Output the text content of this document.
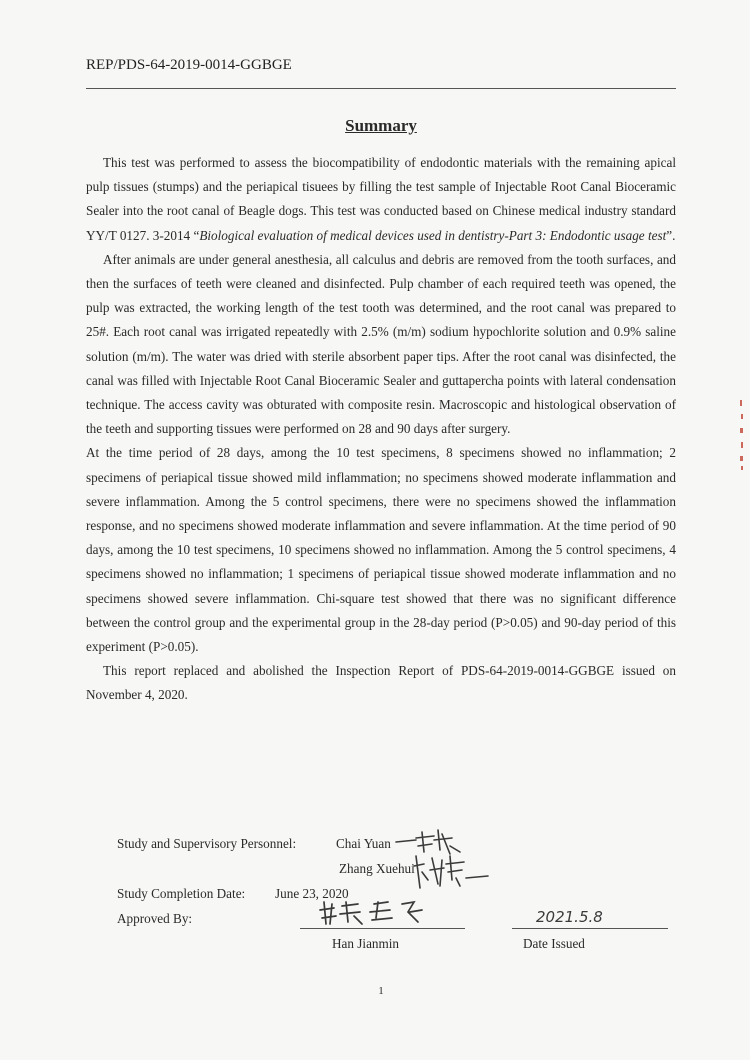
REP/PDS-64-2019-0014-GGBGE
Summary

This test was performed to assess the biocompatibility of endodontic materials with the remaining apical pulp tissues (stumps) and the periapical tisuees by filling the test sample of Injectable Root Canal Bioceramic Sealer into the root canal of Beagle dogs. This test was conducted based on Chinese medical industry standard YY/T 0127. 3-2014 “Biological evaluation of medical devices used in dentistry-Part 3: Endodontic usage test”.

After animals are under general anesthesia, all calculus and debris are removed from the tooth surfaces, and then the surfaces of teeth were cleaned and disinfected. Pulp chamber of each required teeth was opened, the pulp was extracted, the working length of the test tooth was determined, and the root canal was prepared to 25#. Each root canal was irrigated repeatedly with 2.5% (m/m) sodium hypochlorite solution and 0.9% saline solution (m/m). The water was dried with sterile absorbent paper tips. After the root canal was disinfected, the canal was filled with Injectable Root Canal Bioceramic Sealer and guttapercha points with lateral condensation technique. The access cavity was obturated with composite resin. Macroscopic and histological observation of the teeth and supporting tissues were performed on 28 and 90 days after surgery.

At the time period of 28 days, among the 10 test specimens, 8 specimens showed no inflammation; 2 specimens of periapical tissue showed mild inflammation; no specimens showed moderate inflammation and severe inflammation. Among the 5 control specimens, there were no specimens showed the inflammation response, and no specimens showed moderate inflammation and severe inflammation. At the time period of 90 days, among the 10 test specimens, 10 specimens showed no inflammation. Among the 5 control specimens, 4 specimens showed no inflammation; 1 specimens of periapical tissue showed moderate inflammation and no specimens showed severe inflammation. Chi-square test showed that there was no significant difference between the control group and the experimental group in the 28-day period (P>0.05) and 90-day period of this experiment (P>0.05).

This report replaced and abolished the Inspection Report of PDS-64-2019-0014-GGBGE issued on November 4, 2020.

Study and Supervisory Personnel:	Chai Yuan
Zhang Xuehui
Study Completion Date: June 23, 2020
Approved By:
Han Jianmin
2021.5.8
Date Issued
1
